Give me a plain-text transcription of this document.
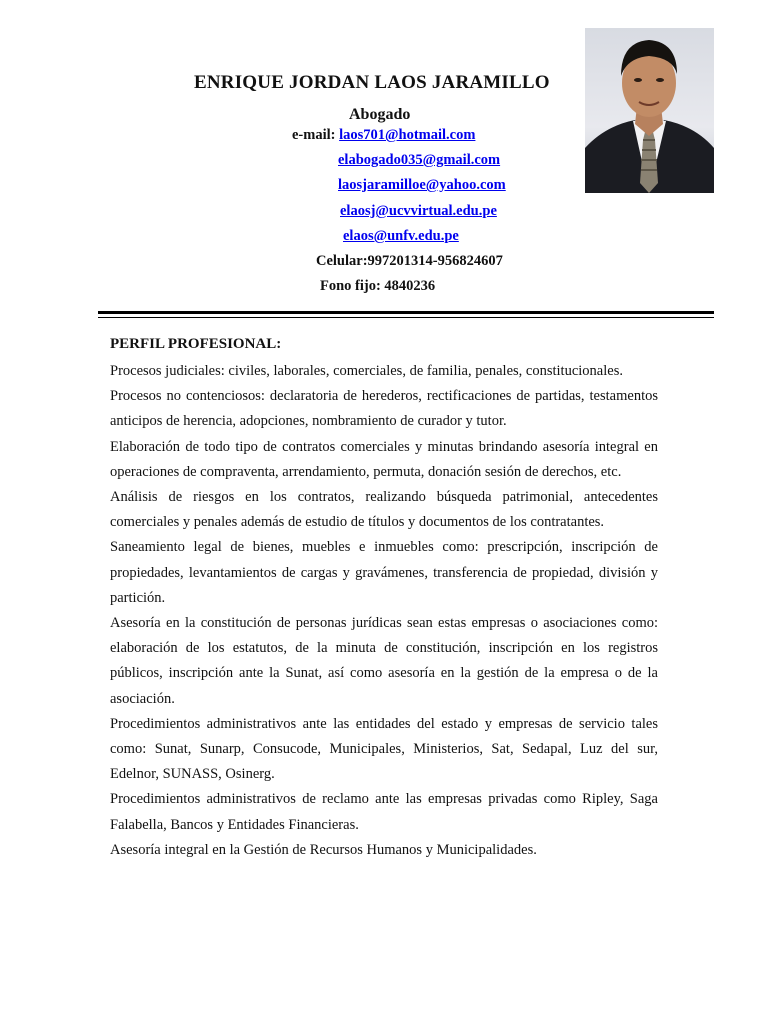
ENRIQUE JORDAN LAOS JARAMILLO
Abogado
e-mail: laos701@hotmail.com
elabogado035@gmail.com
laosjaramilloe@yahoo.com
elaosj@ucvvirtual.edu.pe
elaos@unfv.edu.pe
Celular:997201314-956824607
Fono fijo: 4840236
PERFIL PROFESIONAL:

Procesos judiciales: civiles, laborales, comerciales, de familia, penales, constitucionales.

Procesos no contenciosos: declaratoria de herederos, rectificaciones de partidas, testamentos anticipos de herencia, adopciones, nombramiento de curador y tutor.

Elaboración de todo tipo de contratos comerciales y minutas brindando asesoría integral en operaciones de compraventa, arrendamiento, permuta, donación sesión de derechos, etc.

Análisis de riesgos en los contratos, realizando búsqueda patrimonial, antecedentes comerciales y penales además de estudio de títulos y documentos de los contratantes.

Saneamiento legal de bienes, muebles e inmuebles como: prescripción, inscripción de propiedades, levantamientos de cargas y gravámenes, transferencia de propiedad, división y partición.

Asesoría en la constitución de personas jurídicas sean estas empresas o asociaciones como: elaboración de los estatutos, de la minuta de constitución, inscripción en los registros públicos, inscripción ante la Sunat, así como asesoría en la gestión de la empresa o de la asociación.

Procedimientos administrativos ante las entidades del estado y empresas de servicio tales como: Sunat, Sunarp, Consucode, Municipales, Ministerios, Sat, Sedapal, Luz del sur, Edelnor, SUNASS, Osinerg.

Procedimientos administrativos de reclamo ante las empresas privadas como Ripley, Saga Falabella, Bancos y Entidades Financieras.

Asesoría integral en la Gestión de Recursos Humanos y Municipalidades.
